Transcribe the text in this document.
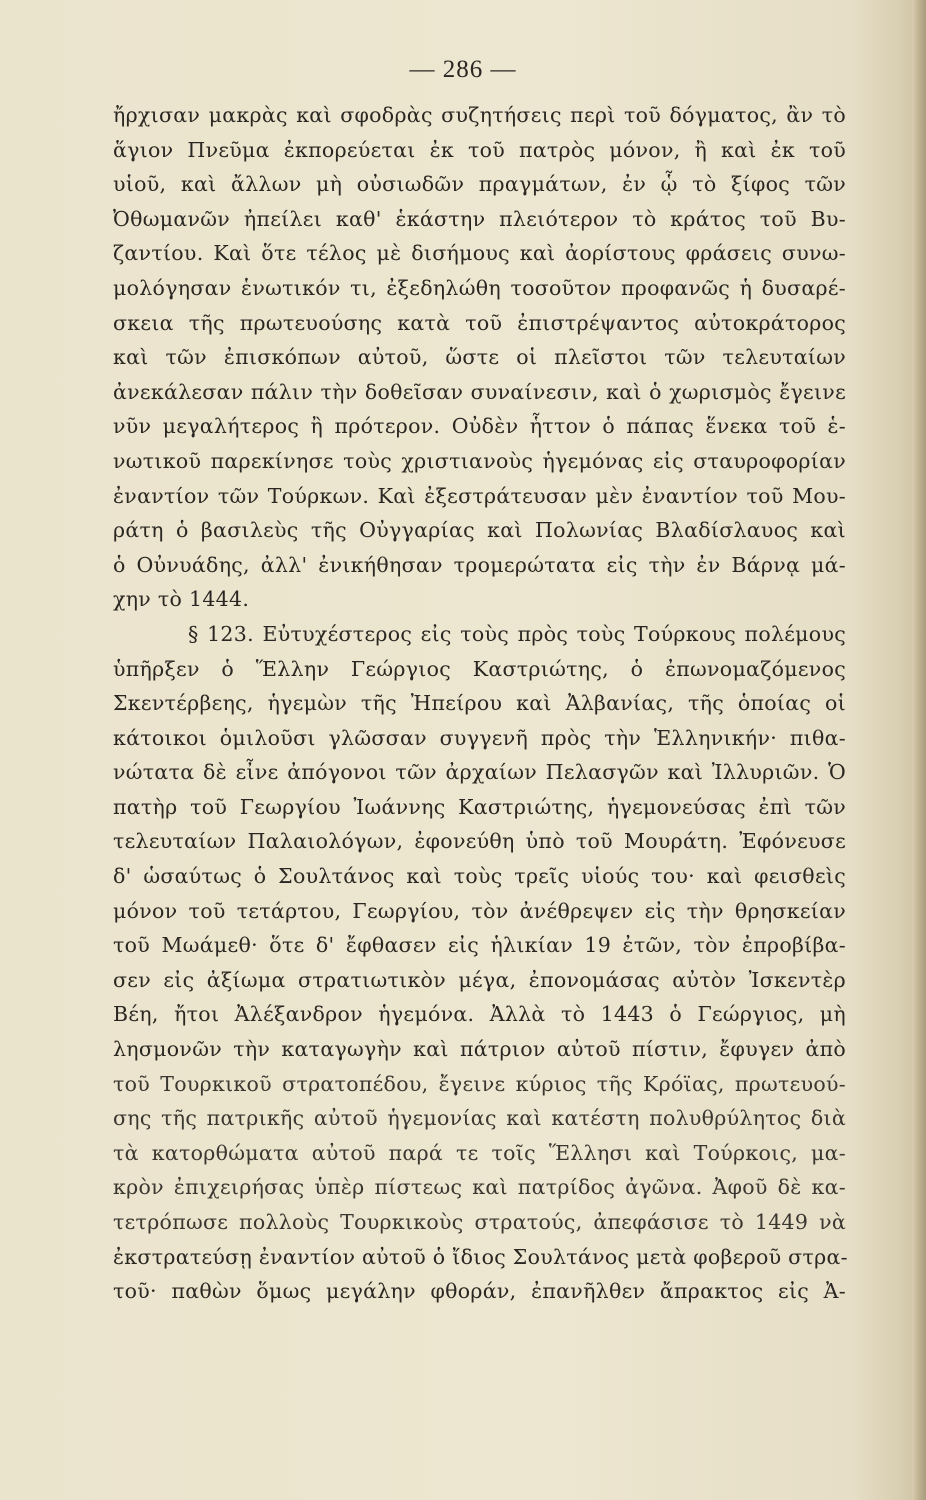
— 286 —
ἤρχισαν μακρὰς καὶ σφοδρὰς συζητήσεις περὶ τοῦ δόγματος, ἂν τὸ
ἅγιον Πνεῦμα ἐκπορεύεται ἐκ τοῦ πατρὸς μόνον, ἢ καὶ ἐκ τοῦ
υἱοῦ, καὶ ἄλλων μὴ οὐσιωδῶν πραγμάτων, ἐν ᾧ τὸ ξίφος τῶν
Ὀθωμανῶν ἠπείλει καθ' ἑκάστην πλειότερον τὸ κράτος τοῦ Βυ-
ζαντίου. Καὶ ὅτε τέλος μὲ δισήμους καὶ ἀορίστους φράσεις συνω-
μολόγησαν ἑνωτικόν τι, ἐξεδηλώθη τοσοῦτον προφανῶς ἡ δυσαρέ-
σκεια τῆς πρωτευούσης κατὰ τοῦ ἐπιστρέψαντος αὐτοκράτορος
καὶ τῶν ἐπισκόπων αὐτοῦ, ὥστε οἱ πλεῖστοι τῶν τελευταίων
ἀνεκάλεσαν πάλιν τὴν δοθεῖσαν συναίνεσιν, καὶ ὁ χωρισμὸς ἔγεινε
νῦν μεγαλήτερος ἢ πρότερον. Οὐδὲν ἧττον ὁ πάπας ἕνεκα τοῦ ἑ-
νωτικοῦ παρεκίνησε τοὺς χριστιανοὺς ἡγεμόνας εἰς σταυροφορίαν
ἐναντίον τῶν Τούρκων. Καὶ ἐξεστράτευσαν μὲν ἐναντίον τοῦ Μου-
ράτη ὁ βασιλεὺς τῆς Οὐγγαρίας καὶ Πολωνίας Βλαδίσλαυος καὶ
ὁ Οὐνυάδης, ἀλλ' ἐνικήθησαν τρομερώτατα εἰς τὴν ἐν Βάρνᾳ μά-
χην τὸ 1444.
§ 123. Εὐτυχέστερος εἰς τοὺς πρὸς τοὺς Τούρκους πολέμους
ὑπῆρξεν ὁ Ἕλλην Γεώργιος Καστριώτης, ὁ ἐπωνομαζόμενος
Σκεντέρβεης, ἡγεμὼν τῆς Ἠπείρου καὶ Ἀλβανίας, τῆς ὁποίας οἱ
κάτοικοι ὁμιλοῦσι γλῶσσαν συγγενῆ πρὸς τὴν Ἑλληνικήν· πιθα-
νώτατα δὲ εἶνε ἀπόγονοι τῶν ἀρχαίων Πελασγῶν καὶ Ἰλλυριῶν. Ὁ
πατὴρ τοῦ Γεωργίου Ἰωάννης Καστριώτης, ἡγεμονεύσας ἐπὶ τῶν
τελευταίων Παλαιολόγων, ἐφονεύθη ὑπὸ τοῦ Μουράτη. Ἐφόνευσε
δ' ὡσαύτως ὁ Σουλτάνος καὶ τοὺς τρεῖς υἱούς του· καὶ φεισθεὶς
μόνον τοῦ τετάρτου, Γεωργίου, τὸν ἀνέθρεψεν εἰς τὴν θρησκείαν
τοῦ Μωάμεθ· ὅτε δ' ἔφθασεν εἰς ἡλικίαν 19 ἐτῶν, τὸν ἐπροβίβα-
σεν εἰς ἀξίωμα στρατιωτικὸν μέγα, ἐπονομάσας αὐτὸν Ἰσκεντὲρ
Βέη, ἤτοι Ἀλέξανδρον ἡγεμόνα. Ἀλλὰ τὸ 1443 ὁ Γεώργιος, μὴ
λησμονῶν τὴν καταγωγὴν καὶ πάτριον αὐτοῦ πίστιν, ἔφυγεν ἀπὸ
τοῦ Τουρκικοῦ στρατοπέδου, ἔγεινε κύριος τῆς Κρόϊας, πρωτευού-
σης τῆς πατρικῆς αὐτοῦ ἡγεμονίας καὶ κατέστη πολυθρύλητος διὰ
τὰ κατορθώματα αὐτοῦ παρά τε τοῖς Ἕλλησι καὶ Τούρκοις, μα-
κρὸν ἐπιχειρήσας ὑπὲρ πίστεως καὶ πατρίδος ἀγῶνα. Ἀφοῦ δὲ κα-
τετρόπωσε πολλοὺς Τουρκικοὺς στρατούς, ἀπεφάσισε τὸ 1449 νὰ
ἐκστρατεύσῃ ἐναντίον αὐτοῦ ὁ ἴδιος Σουλτάνος μετὰ φοβεροῦ στρα-
τοῦ· παθὼν ὅμως μεγάλην φθοράν, ἐπανῆλθεν ἄπρακτος εἰς Ἀ-
